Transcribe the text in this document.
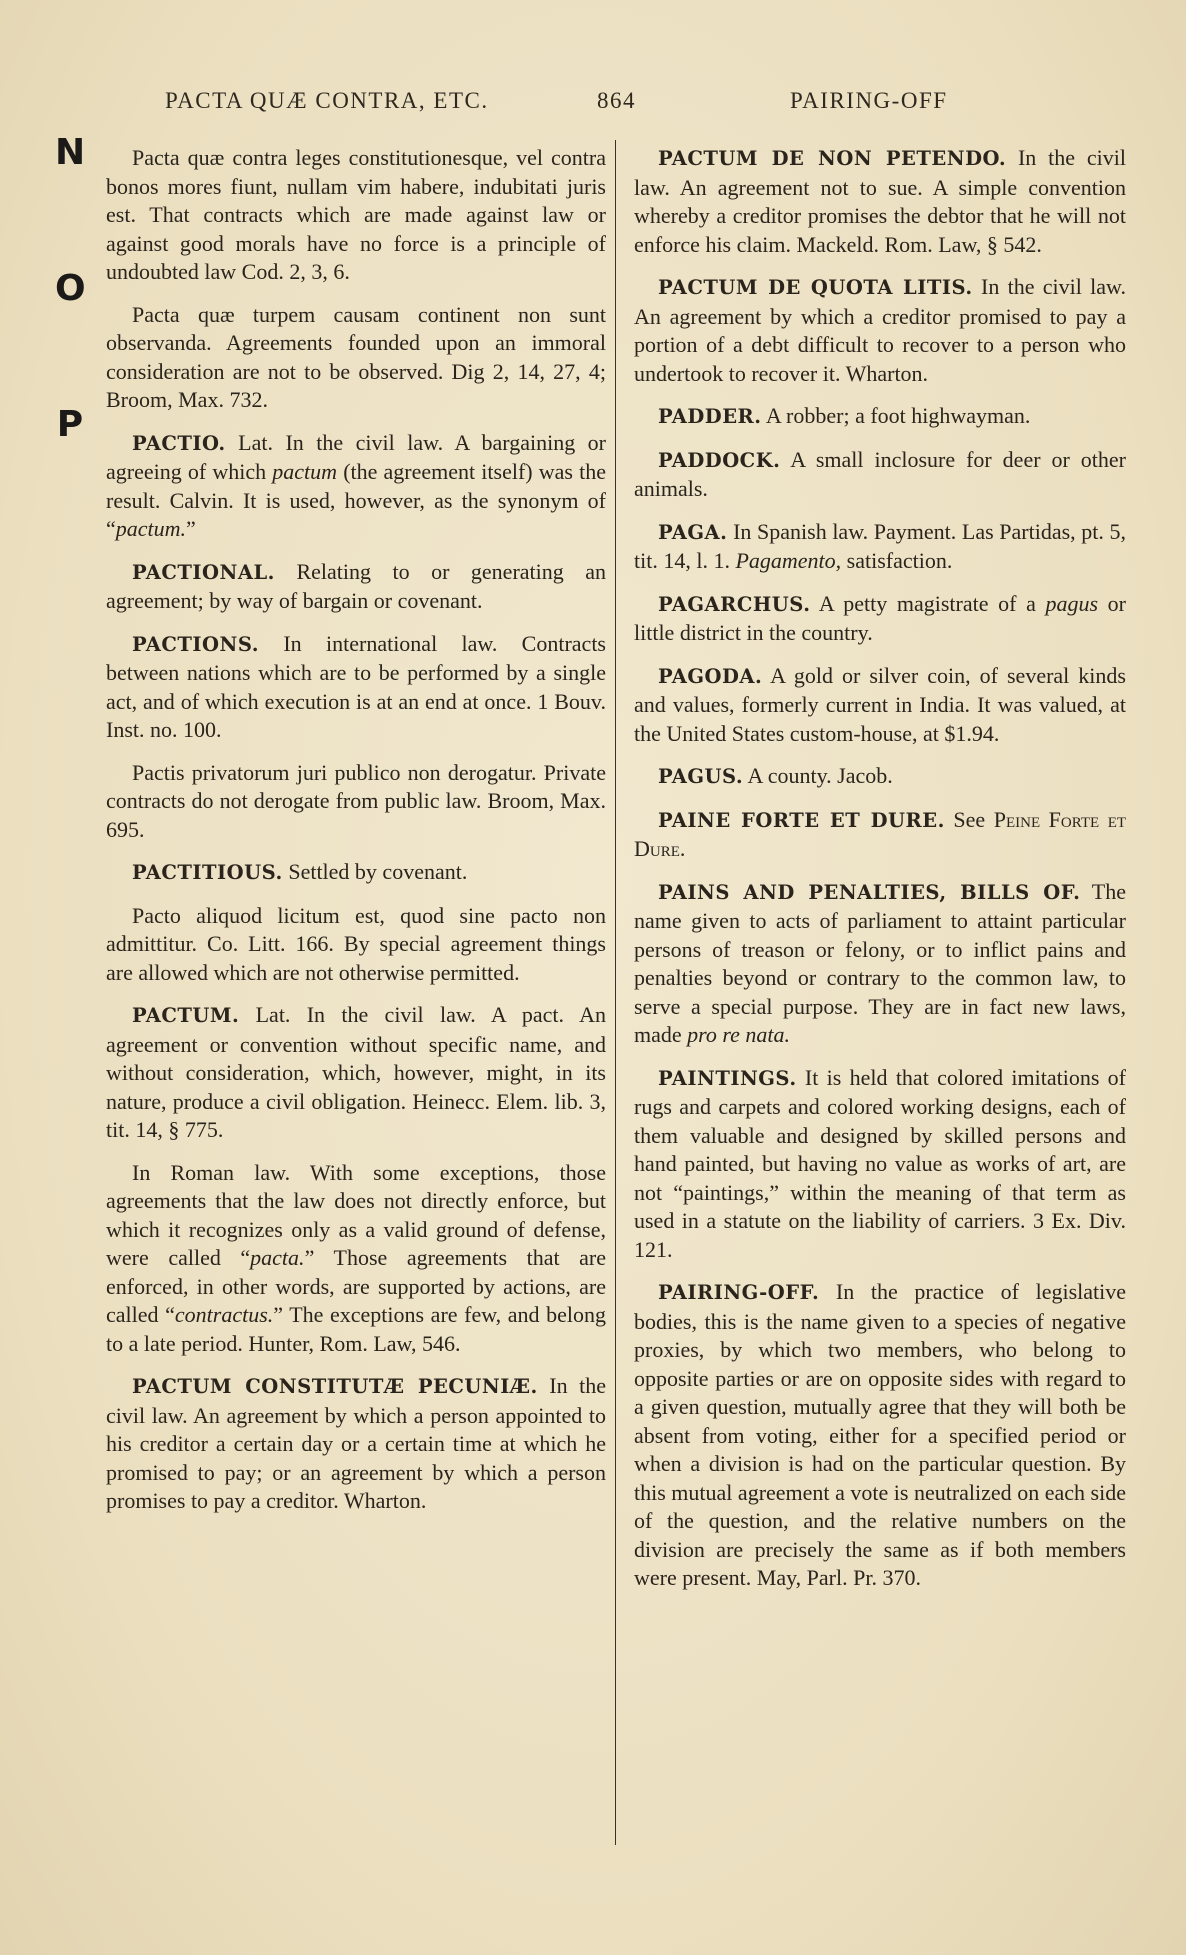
PACTA QUÆ CONTRA, ETC.	864	PAIRING-OFF
N
O
P

Pacta quæ contra leges constitutionesque, vel contra bonos mores fiunt, nullam vim habere, indubitati juris est. That contracts which are made against law or against good morals have no force is a principle of undoubted law Cod. 2, 3, 6.

Pacta quæ turpem causam continent non sunt observanda. Agreements founded upon an immoral consideration are not to be observed. Dig 2, 14, 27, 4; Broom, Max. 732.

PACTIO. Lat. In the civil law. A bargaining or agreeing of which pactum (the agreement itself) was the result. Calvin. It is used, however, as the synonym of “pactum.”

PACTIONAL. Relating to or generating an agreement; by way of bargain or covenant.

PACTIONS. In international law. Contracts between nations which are to be performed by a single act, and of which execution is at an end at once. 1 Bouv. Inst. no. 100.

Pactis privatorum juri publico non derogatur. Private contracts do not derogate from public law. Broom, Max. 695.

PACTITIOUS. Settled by covenant.

Pacto aliquod licitum est, quod sine pacto non admittitur. Co. Litt. 166. By special agreement things are allowed which are not otherwise permitted.

PACTUM. Lat. In the civil law. A pact. An agreement or convention without specific name, and without consideration, which, however, might, in its nature, produce a civil obligation. Heinecc. Elem. lib. 3, tit. 14, § 775.

In Roman law. With some exceptions, those agreements that the law does not directly enforce, but which it recognizes only as a valid ground of defense, were called “pacta.” Those agreements that are enforced, in other words, are supported by actions, are called “contractus.” The exceptions are few, and belong to a late period. Hunter, Rom. Law, 546.

PACTUM CONSTITUTÆ PECUNIÆ. In the civil law. An agreement by which a person appointed to his creditor a certain day or a certain time at which he promised to pay; or an agreement by which a person promises to pay a creditor. Wharton.

PACTUM DE NON PETENDO. In the civil law. An agreement not to sue. A simple convention whereby a creditor promises the debtor that he will not enforce his claim. Mackeld. Rom. Law, § 542.

PACTUM DE QUOTA LITIS. In the civil law. An agreement by which a creditor promised to pay a portion of a debt difficult to recover to a person who undertook to recover it. Wharton.

PADDER. A robber; a foot highwayman.

PADDOCK. A small inclosure for deer or other animals.

PAGA. In Spanish law. Payment. Las Partidas, pt. 5, tit. 14, l. 1. Pagamento, satisfaction.

PAGARCHUS. A petty magistrate of a pagus or little district in the country.

PAGODA. A gold or silver coin, of several kinds and values, formerly current in India. It was valued, at the United States custom-house, at $1.94.

PAGUS. A county. Jacob.

PAINE FORTE ET DURE. See Peine Forte et Dure.

PAINS AND PENALTIES, BILLS OF. The name given to acts of parliament to attaint particular persons of treason or felony, or to inflict pains and penalties beyond or contrary to the common law, to serve a special purpose. They are in fact new laws, made pro re nata.

PAINTINGS. It is held that colored imitations of rugs and carpets and colored working designs, each of them valuable and designed by skilled persons and hand painted, but having no value as works of art, are not “paintings,” within the meaning of that term as used in a statute on the liability of carriers. 3 Ex. Div. 121.

PAIRING-OFF. In the practice of legislative bodies, this is the name given to a species of negative proxies, by which two members, who belong to opposite parties or are on opposite sides with regard to a given question, mutually agree that they will both be absent from voting, either for a specified period or when a division is had on the particular question. By this mutual agreement a vote is neutralized on each side of the question, and the relative numbers on the division are precisely the same as if both members were present. May, Parl. Pr. 370.
